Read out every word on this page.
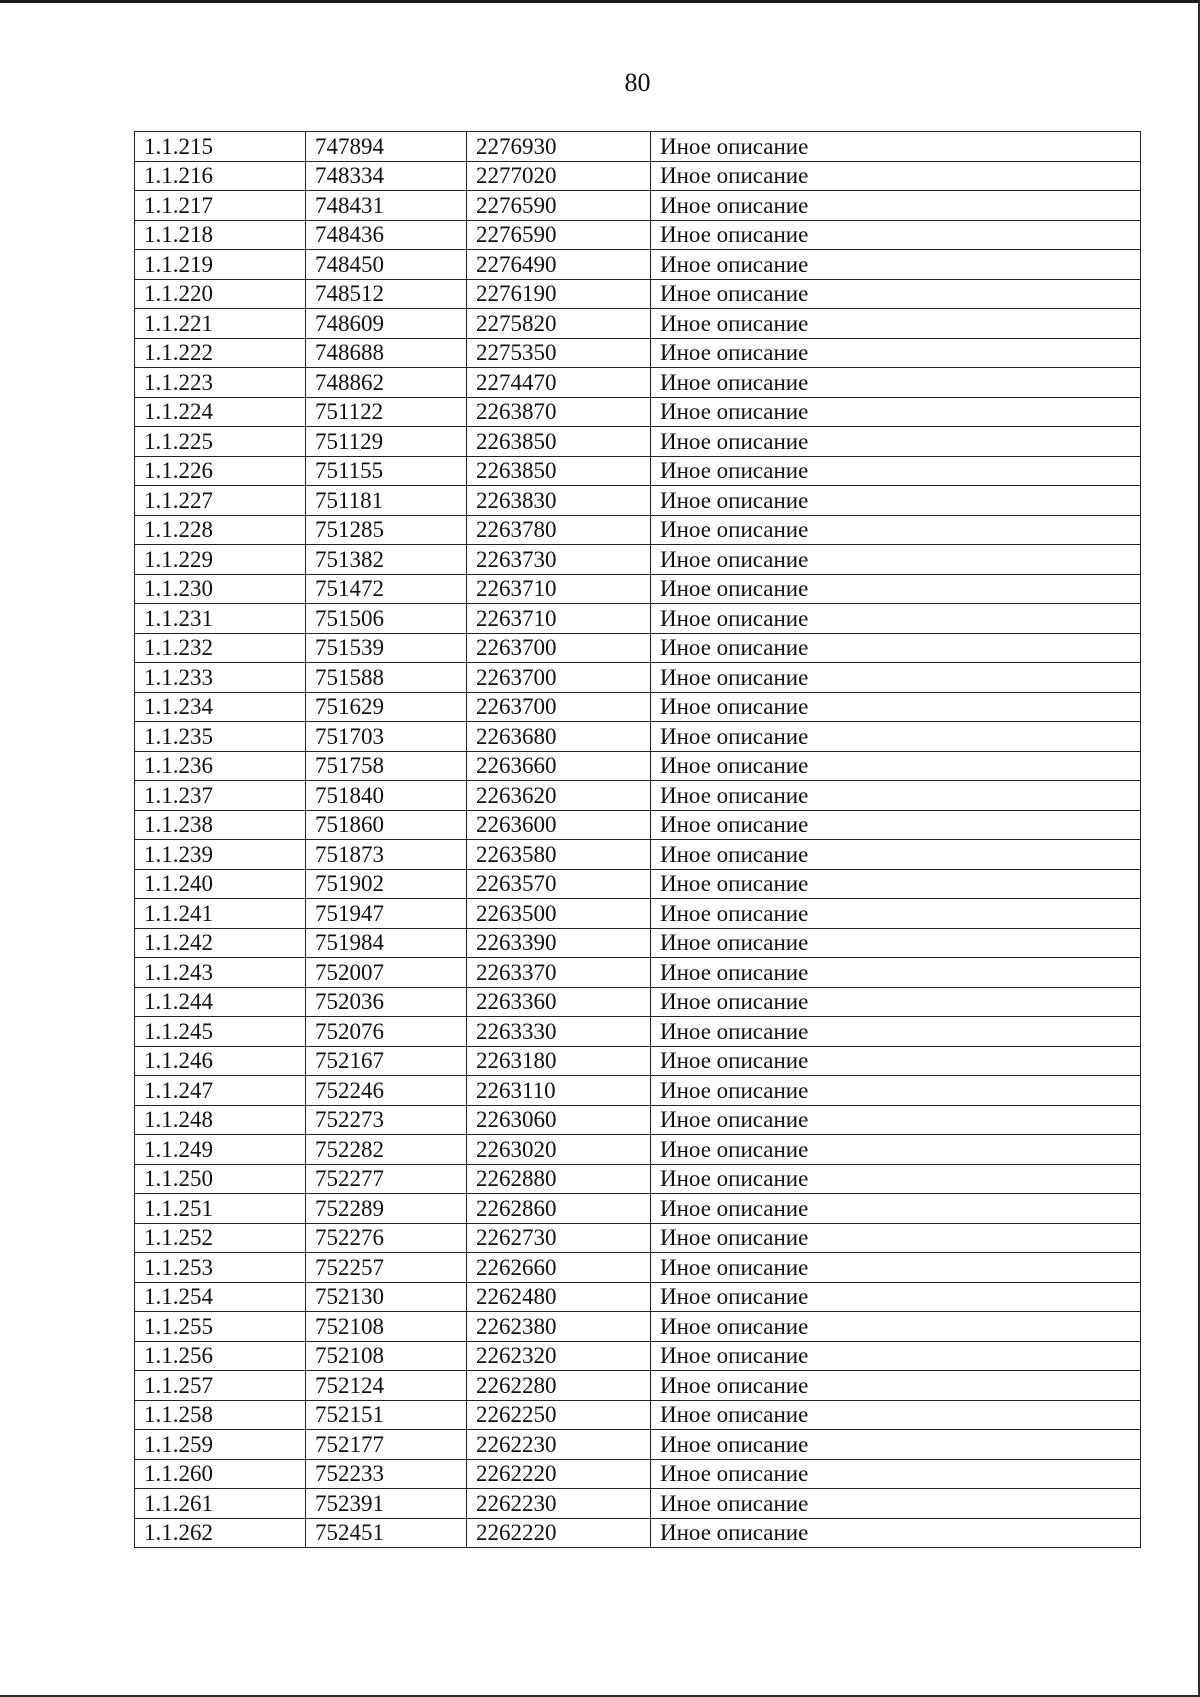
80
1.1.215	747894	2276930	Иное описание
1.1.216	748334	2277020	Иное описание
1.1.217	748431	2276590	Иное описание
1.1.218	748436	2276590	Иное описание
1.1.219	748450	2276490	Иное описание
1.1.220	748512	2276190	Иное описание
1.1.221	748609	2275820	Иное описание
1.1.222	748688	2275350	Иное описание
1.1.223	748862	2274470	Иное описание
1.1.224	751122	2263870	Иное описание
1.1.225	751129	2263850	Иное описание
1.1.226	751155	2263850	Иное описание
1.1.227	751181	2263830	Иное описание
1.1.228	751285	2263780	Иное описание
1.1.229	751382	2263730	Иное описание
1.1.230	751472	2263710	Иное описание
1.1.231	751506	2263710	Иное описание
1.1.232	751539	2263700	Иное описание
1.1.233	751588	2263700	Иное описание
1.1.234	751629	2263700	Иное описание
1.1.235	751703	2263680	Иное описание
1.1.236	751758	2263660	Иное описание
1.1.237	751840	2263620	Иное описание
1.1.238	751860	2263600	Иное описание
1.1.239	751873	2263580	Иное описание
1.1.240	751902	2263570	Иное описание
1.1.241	751947	2263500	Иное описание
1.1.242	751984	2263390	Иное описание
1.1.243	752007	2263370	Иное описание
1.1.244	752036	2263360	Иное описание
1.1.245	752076	2263330	Иное описание
1.1.246	752167	2263180	Иное описание
1.1.247	752246	2263110	Иное описание
1.1.248	752273	2263060	Иное описание
1.1.249	752282	2263020	Иное описание
1.1.250	752277	2262880	Иное описание
1.1.251	752289	2262860	Иное описание
1.1.252	752276	2262730	Иное описание
1.1.253	752257	2262660	Иное описание
1.1.254	752130	2262480	Иное описание
1.1.255	752108	2262380	Иное описание
1.1.256	752108	2262320	Иное описание
1.1.257	752124	2262280	Иное описание
1.1.258	752151	2262250	Иное описание
1.1.259	752177	2262230	Иное описание
1.1.260	752233	2262220	Иное описание
1.1.261	752391	2262230	Иное описание
1.1.262	752451	2262220	Иное описание
